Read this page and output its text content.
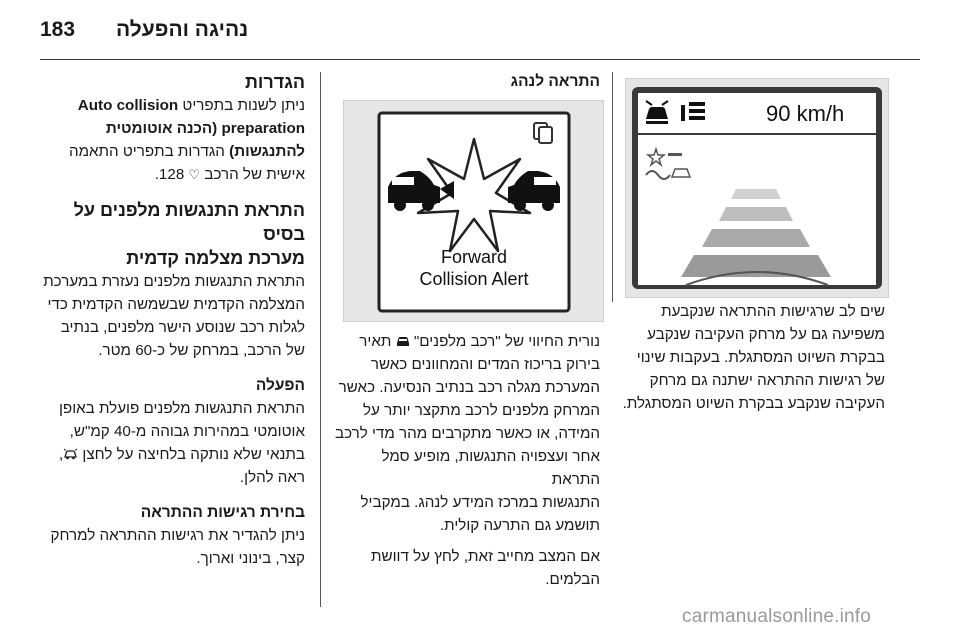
183 נהיגה והפעלה

הגדרות

ניתן לשנות בתפריט Auto collision

preparation (הכנה אוטומטית

להתנגשות) הגדרות בתפריט התאמה

אישית של הרכב ♡ 128.

התראת התנגשות מלפנים על בסיס

מערכת מצלמה קדמית

התראת התנגשות מלפנים נעזרת במערכת

המצלמה הקדמית שבשמשה הקדמית כדי

לגלות רכב שנוסע הישר מלפנים, בנתיב

של הרכב, במרחק של כ-60 מטר.

הפעלה

התראת התנגשות מלפנים פועלת באופן

אוטומטי במהירות גבוהה מ-40 קמ"ש,

בתנאי שלא נותקה בלחיצה על לחצן ,

ראה להלן.

בחירת רגישות ההתראה

ניתן להגדיר את רגישות ההתראה למרחק

קצר, בינוני וארוך.

התראה לנהג

Forward
Collision Alert

נורית החיווי של "רכב מלפנים"  תאיר

בירוק בריכוז המדים והמחוונים כאשר

המערכת מגלה רכב בנתיב הנסיעה. כאשר

המרחק מלפנים לרכב מתקצר יותר על

המידה, או כאשר מתקרבים מהר מדי לרכב

אחר ועצפויה התנגשות, מופיע סמל התראת

התנגשות במרכז המידע לנהג. במקביל

תושמע גם התרעה קולית.

אם המצב מחייב זאת, לחץ על דוושת

הבלמים.

90 km/h

שים לב שרגישות ההתראה שנקבעת

משפיעה גם על מרחק העקיבה שנקבע

בבקרת השיוט המסתגלת. בעקבות שינוי

של רגישות ההתראה ישתנה גם מרחק

העקיבה שנקבע בבקרת השיוט המסתגלת.

carmanualsonline.info
